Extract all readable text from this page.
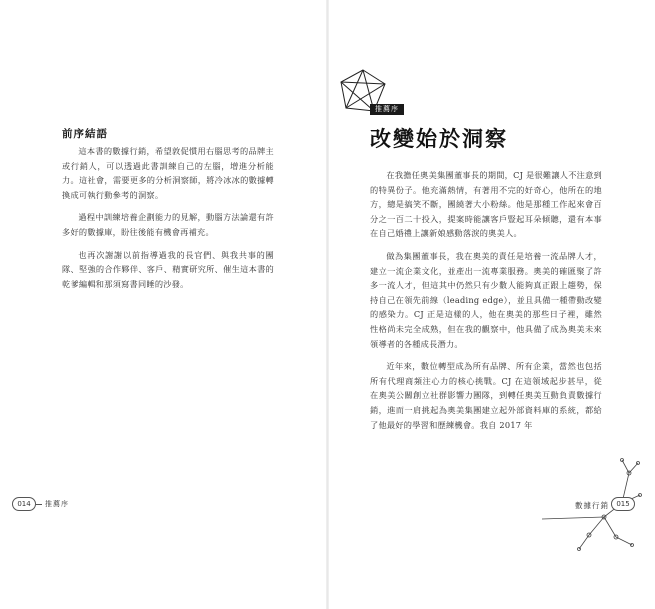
前序結語

這本書的數據行銷，希望敦促慣用右腦思考的品牌主或行銷人，可以透過此書訓練自己的左腦，增進分析能力。這社會，需要更多的分析洞察師，將冷冰冰的數據轉換成可執行動參考的洞察。

過程中訓練培養企劃能力的見解，動腦方法論還有許多好的數據庫，盼往後能有機會再補充。

也再次謝謝以前指導過我的長官們、與我共事的團隊、堅強的合作夥伴、客戶、精實研究所、催生這本書的乾爹編輯和那須寫書同睡的沙發。

014	推薦序
推薦序
改變始於洞察

在我擔任奧美集團董事長的期間，CJ 是很難讓人不注意到的特異份子。他充滿熱情，有著用不完的好奇心，他所在的地方，總是搞笑不斷，團繞著大小粉絲。他是那種工作起來會百分之一百二十投入，提案時能讓客戶豎起耳朵傾聽，還有本事在自己婚禮上讓新娘感動落淚的奧美人。

做為集團董事長，我在奧美的責任是培養一流品牌人才，建立一流企業文化，並產出一流專業服務。奧美的確匯聚了許多一流人才，但這其中仍然只有少數人能夠真正跟上趨勢，保持自己在領先前線（leading edge），並且具備一種帶動改變的感染力。CJ 正是這樣的人，他在奧美的那些日子裡，雖然性格尚未完全成熟，但在我的觀察中，他具備了成為奧美未來領導者的各種成長潛力。

近年來，數位轉型成為所有品牌、所有企業，當然也包括所有代理商頻注心力的核心挑戰。CJ 在這領域起步甚早，從在奧美公關創立社群影響力團隊，到轉任奧美互動負責數據行銷，進而一肩挑起為奧美集團建立起外部資料庫的系統，都給了他最好的學習和歷練機會。我自 2017 年

數據行銷	015
